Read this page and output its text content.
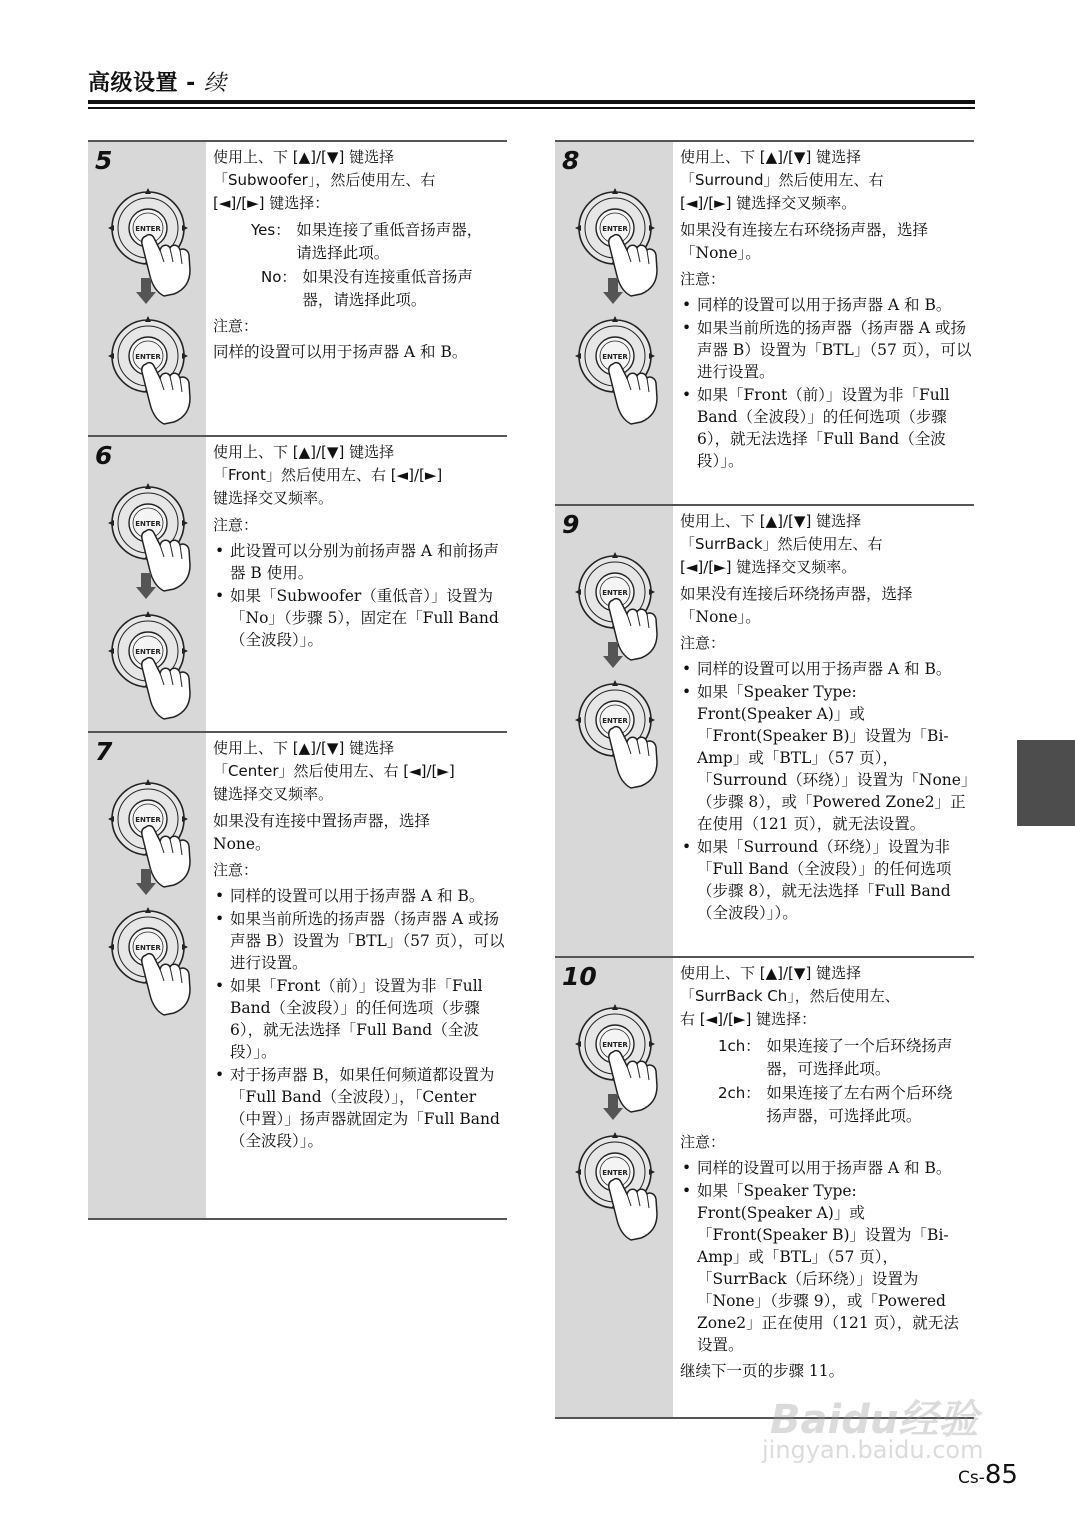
高级设置 - 续
5	使用上、下 [▲]/[▼] 键选择
「Subwoofer」，然后使用左、右
[◄]/[►] 键选择：
Yes： 如果连接了重低音扬声器，请选择此项。
No： 如果没有连接重低音扬声器，请选择此项。
注意：
同样的设置可以用于扬声器 A 和 B。
6	使用上、下 [▲]/[▼] 键选择
「Front」然后使用左、右 [◄]/[►]
键选择交叉频率。
注意：
• 此设置可以分别为前扬声器 A 和前扬声器 B 使用。
• 如果「Subwoofer（重低音）」设置为「No」（步骤 5），固定在「Full Band（全波段）」。
7	使用上、下 [▲]/[▼] 键选择
「Center」然后使用左、右 [◄]/[►]
键选择交叉频率。
如果没有连接中置扬声器，选择 None。
注意：
• 同样的设置可以用于扬声器 A 和 B。
• 如果当前所选的扬声器（扬声器 A 或扬声器 B）设置为「BTL」（57 页），可以进行设置。
• 如果「Front（前）」设置为非「Full Band（全波段）」的任何选项（步骤 6），就无法选择「Full Band（全波段）」。
• 对于扬声器 B，如果任何频道都设置为「Full Band（全波段）」，「Center（中置）」扬声器就固定为「Full Band（全波段）」。
8	使用上、下 [▲]/[▼] 键选择
「Surround」然后使用左、右
[◄]/[►] 键选择交叉频率。
如果没有连接左右环绕扬声器，选择「None」。
注意：
• 同样的设置可以用于扬声器 A 和 B。
• 如果当前所选的扬声器（扬声器 A 或扬声器 B）设置为「BTL」（57 页），可以进行设置。
• 如果「Front（前）」设置为非「Full Band（全波段）」的任何选项（步骤 6），就无法选择「Full Band（全波段）」。
9	使用上、下 [▲]/[▼] 键选择
「SurrBack」然后使用左、右
[◄]/[►] 键选择交叉频率。
如果没有连接后环绕扬声器，选择「None」。
注意：
• 同样的设置可以用于扬声器 A 和 B。
• 如果「Speaker Type: Front(Speaker A)」或「Front(Speaker B)」设置为「Bi-Amp」或「BTL」（57 页），「Surround（环绕）」设置为「None」（步骤 8），或「Powered Zone2」正在使用（121 页），就无法设置。
• 如果「Surround（环绕）」设置为非「Full Band（全波段）」的任何选项（步骤 8），就无法选择「Full Band（全波段）」）。
10	使用上、下 [▲]/[▼] 键选择
「SurrBack Ch」，然后使用左、
右 [◄]/[►] 键选择：
1ch： 如果连接了一个后环绕扬声器，可选择此项。
2ch： 如果连接了左右两个后环绕扬声器，可选择此项。
注意：
• 同样的设置可以用于扬声器 A 和 B。
• 如果「Speaker Type: Front(Speaker A)」或「Front(Speaker B)」设置为「Bi-Amp」或「BTL」（57 页），「SurrBack（后环绕）」设置为「None」（步骤 9），或「Powered Zone2」正在使用（121 页），就无法设置。
继续下一页的步骤 11。
Baidu经验
jingyan.baidu.com
Cs-85
